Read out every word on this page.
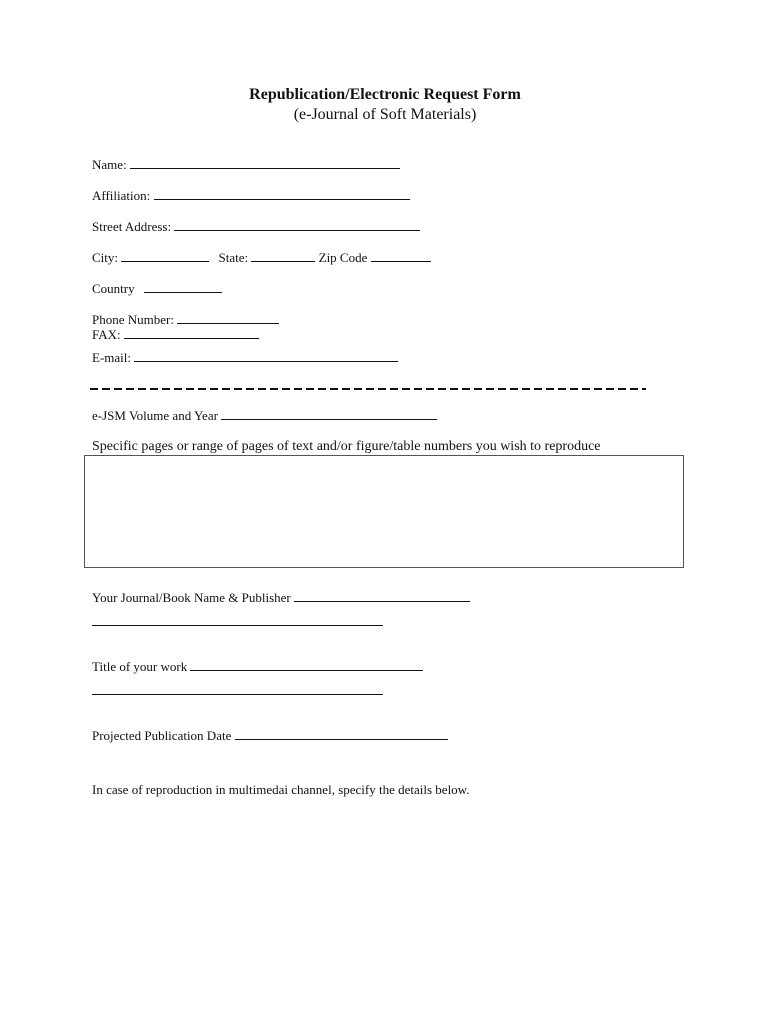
Republication/Electronic Request Form
(e-Journal of Soft Materials)
Name:
Affiliation:
Street Address:
City:	State:	Zip Code
Country
Phone Number:
FAX:
E-mail:
e-JSM Volume and Year
Specific pages or range of pages of text and/or figure/table numbers you wish to reproduce
Your Journal/Book Name & Publisher
Title of your work
Projected Publication Date
In case of reproduction in multimedai channel, specify the details below.
